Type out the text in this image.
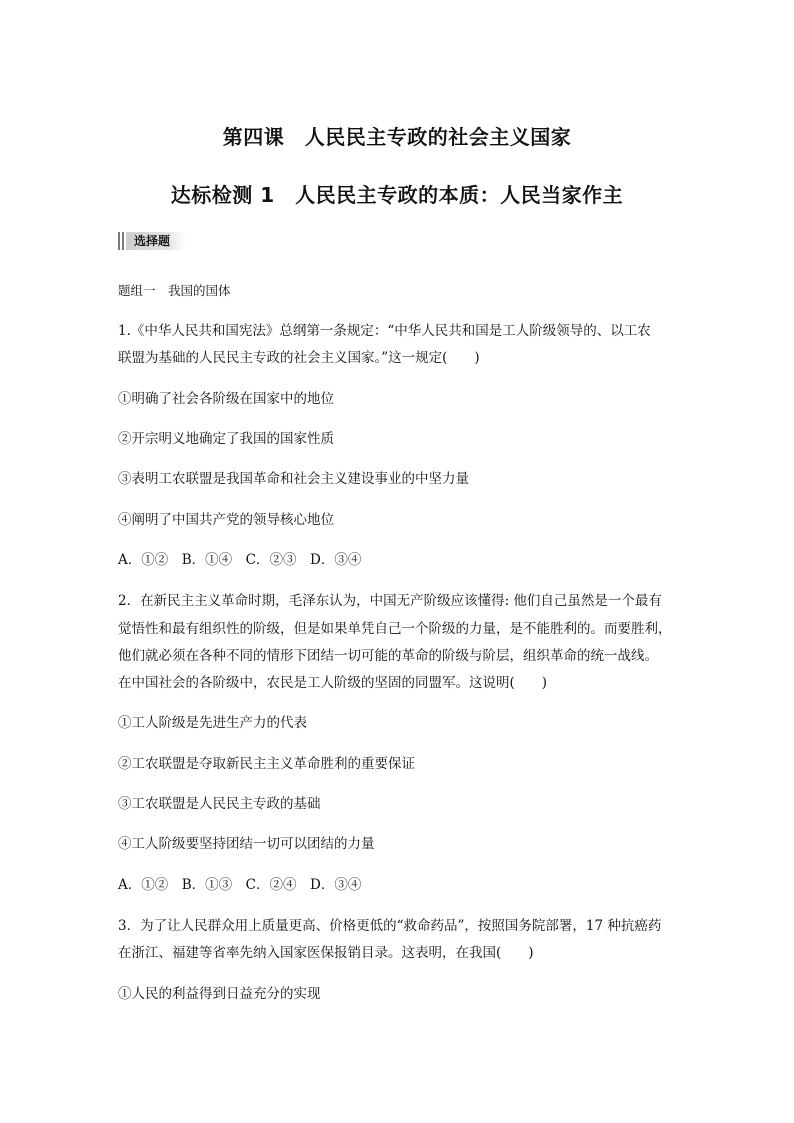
第四课　人民民主专政的社会主义国家
达标检测 1　人民民主专政的本质：人民当家作主
选择题
题组一　我国的国体
1.《中华人民共和国宪法》总纲第一条规定：“中华人民共和国是工人阶级领导的、以工农
联盟为基础的人民民主专政的社会主义国家。”这一规定(　　)
①明确了社会各阶级在国家中的地位
②开宗明义地确定了我国的国家性质
③表明工农联盟是我国革命和社会主义建设事业的中坚力量
④阐明了中国共产党的领导核心地位
A．①②　B．①④　C．②③　D．③④
2．在新民主主义革命时期，毛泽东认为，中国无产阶级应该懂得: 他们自己虽然是一个最有
觉悟性和最有组织性的阶级，但是如果单凭自己一个阶级的力量，是不能胜利的。而要胜利，
他们就必须在各种不同的情形下团结一切可能的革命的阶级与阶层，组织革命的统一战线。
在中国社会的各阶级中，农民是工人阶级的坚固的同盟军。这说明(　　)
①工人阶级是先进生产力的代表
②工农联盟是夺取新民主主义革命胜利的重要保证
③工农联盟是人民民主专政的基础
④工人阶级要坚持团结一切可以团结的力量
A．①②　B．①③　C．②④　D．③④
3．为了让人民群众用上质量更高、价格更低的“救命药品”，按照国务院部署，17 种抗癌药
在浙江、福建等省率先纳入国家医保报销目录。这表明，在我国(　　)
①人民的利益得到日益充分的实现
